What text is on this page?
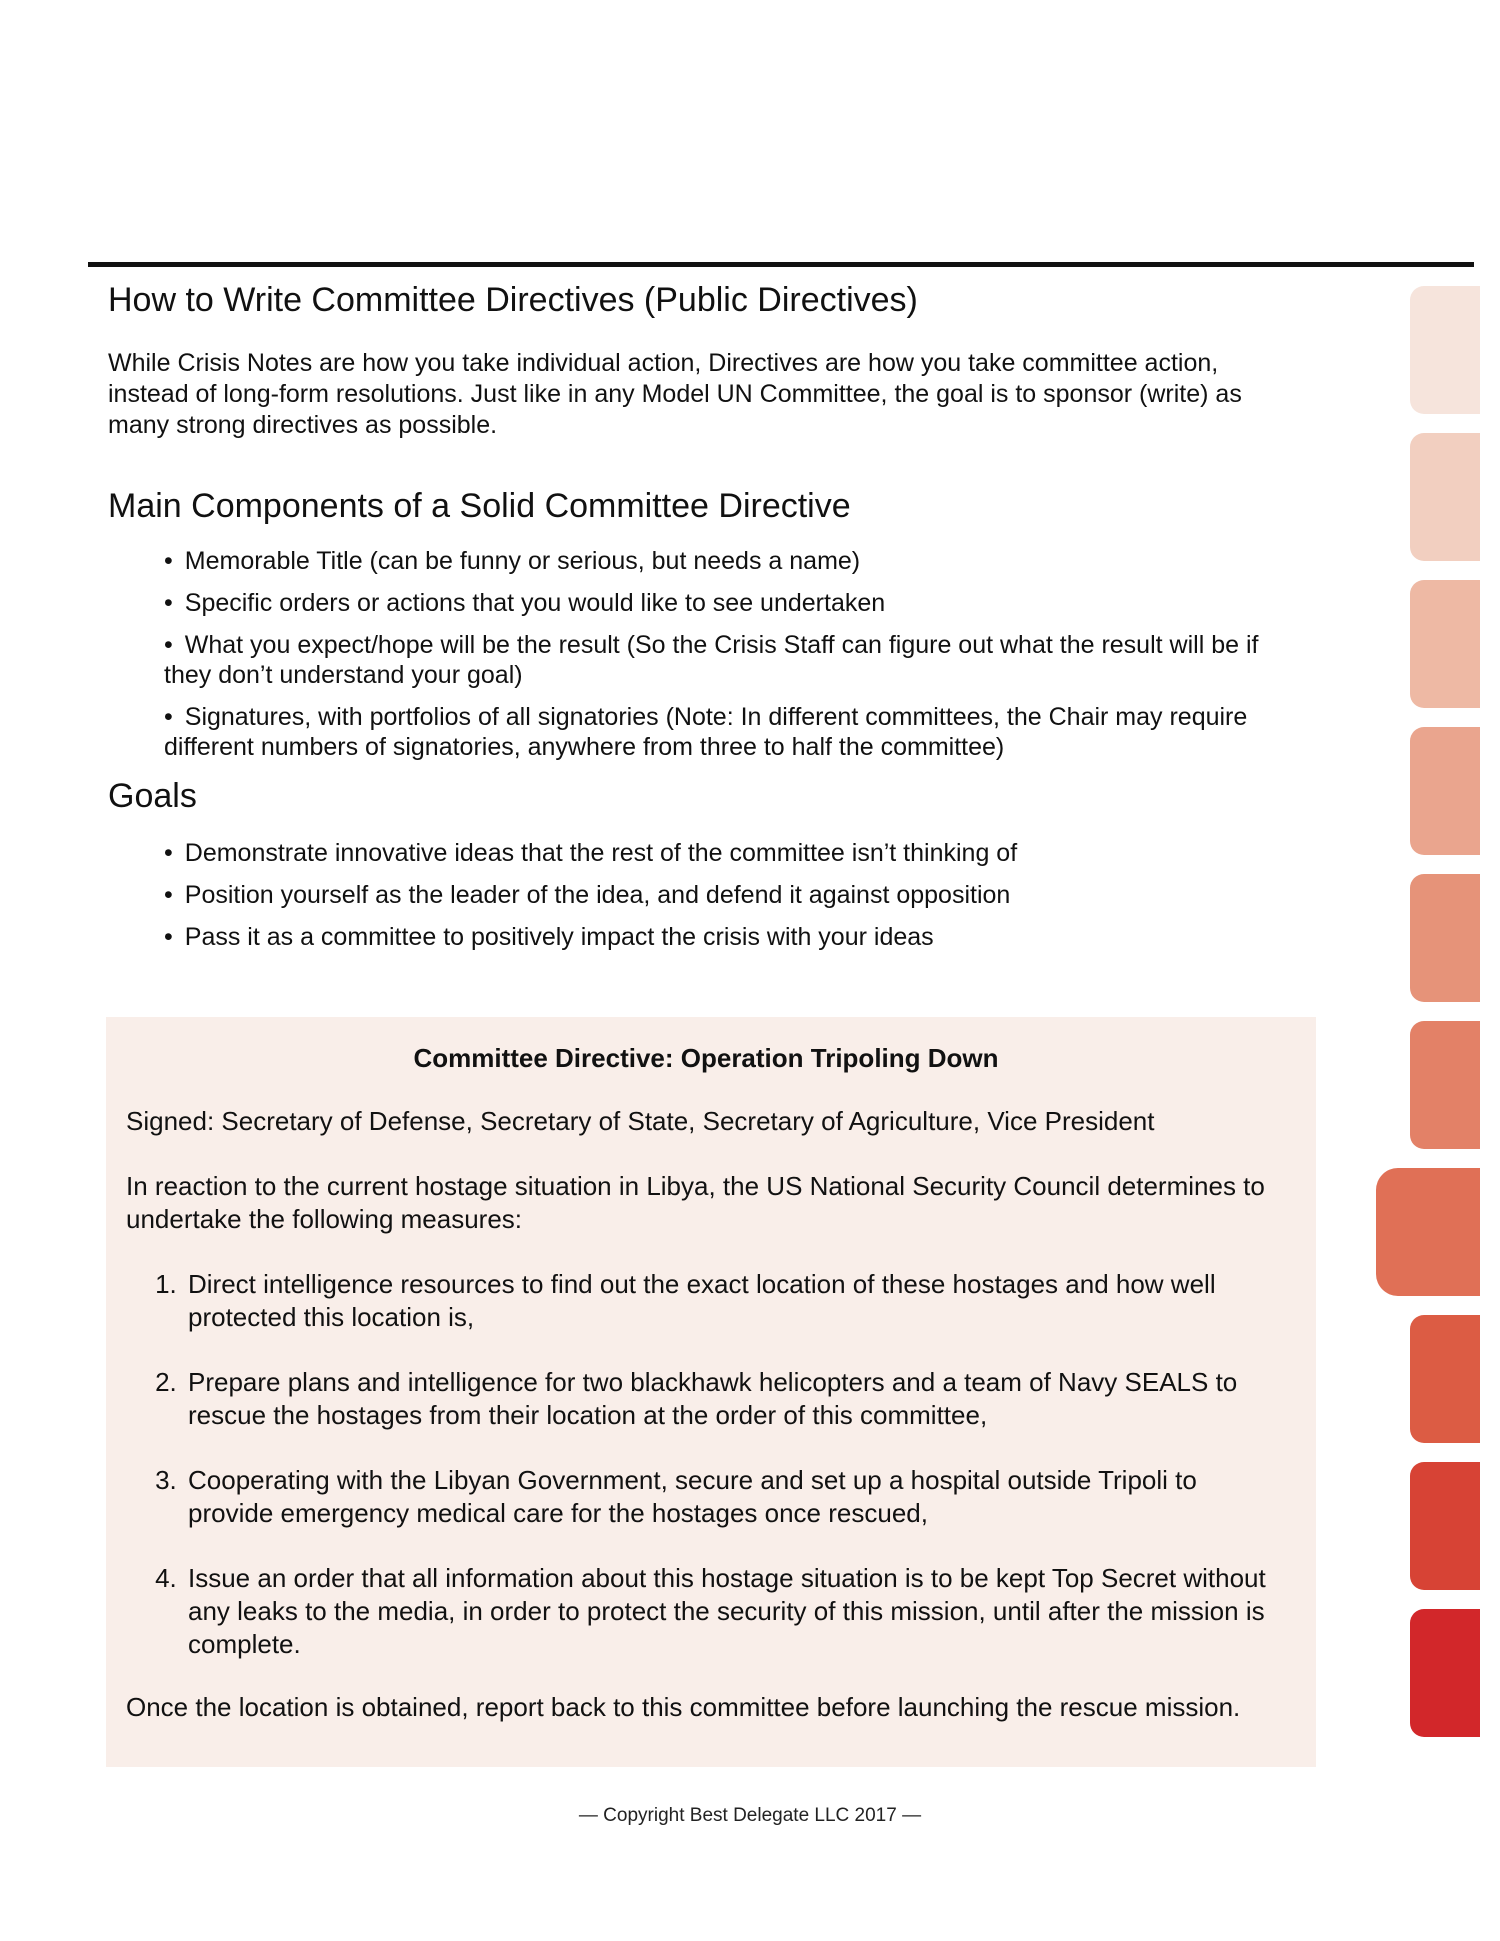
How to Write Committee Directives (Public Directives)

While Crisis Notes are how you take individual action, Directives are how you take committee action, instead of long-form resolutions. Just like in any Model UN Committee, the goal is to sponsor (write) as many strong directives as possible.

Main Components of a Solid Committee Directive
• Memorable Title (can be funny or serious, but needs a name)
• Specific orders or actions that you would like to see undertaken
• What you expect/hope will be the result (So the Crisis Staff can figure out what the result will be if they don’t understand your goal)
• Signatures, with portfolios of all signatories (Note: In different committees, the Chair may require different numbers of signatories, anywhere from three to half the committee)
Goals
• Demonstrate innovative ideas that the rest of the committee isn’t thinking of
• Position yourself as the leader of the idea, and defend it against opposition
• Pass it as a committee to positively impact the crisis with your ideas
Committee Directive: Operation Tripoling Down

Signed: Secretary of Defense, Secretary of State, Secretary of Agriculture, Vice President

In reaction to the current hostage situation in Libya, the US National Security Council determines to undertake the following measures:

1. Direct intelligence resources to find out the exact location of these hostages and how well protected this location is,
2. Prepare plans and intelligence for two blackhawk helicopters and a team of Navy SEALS to rescue the hostages from their location at the order of this committee,
3. Cooperating with the Libyan Government, secure and set up a hospital outside Tripoli to provide emergency medical care for the hostages once rescued,
4. Issue an order that all information about this hostage situation is to be kept Top Secret without any leaks to the media, in order to protect the security of this mission, until after the mission is complete.

Once the location is obtained, report back to this committee before launching the rescue mission.

— Copyright Best Delegate LLC 2017 —
